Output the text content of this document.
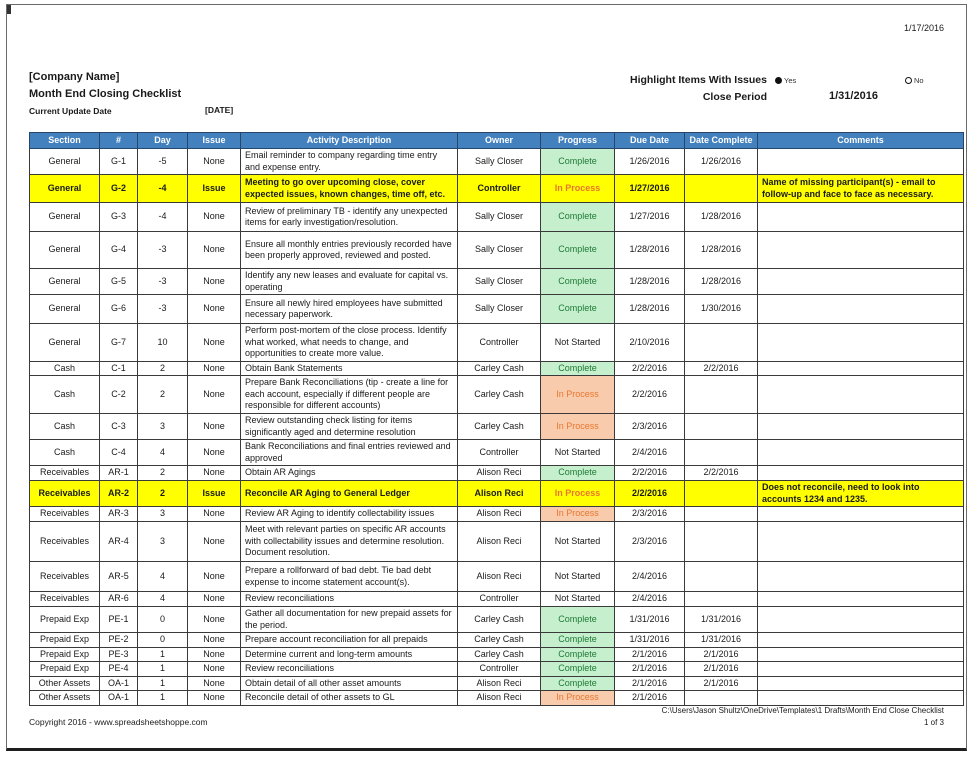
1/17/2016
[Company Name]
Month End Closing Checklist
Current Update Date	[DATE]
Highlight Items With Issues Yes	No
Close Period	1/31/2016
Section	#	Day	Issue	Activity Description	Owner	Progress	Due Date	Date Complete	Comments
General	G-1	-5	None	Email reminder to company regarding time entry and expense entry.	Sally Closer	Complete	1/26/2016	1/26/2016	
General	G-2	-4	Issue	Meeting to go over upcoming close, cover expected issues, known changes, time off, etc.	Controller	In Process	1/27/2016		Name of missing participant(s) - email to follow-up and face to face as necessary.
General	G-3	-4	None	Review of preliminary TB - identify any unexpected items for early investigation/resolution.	Sally Closer	Complete	1/27/2016	1/28/2016	
General	G-4	-3	None	Ensure all monthly entries previously recorded have been properly approved, reviewed and posted.	Sally Closer	Complete	1/28/2016	1/28/2016	
General	G-5	-3	None	Identify any new leases and evaluate for capital vs. operating	Sally Closer	Complete	1/28/2016	1/28/2016	
General	G-6	-3	None	Ensure all newly hired employees have submitted necessary paperwork.	Sally Closer	Complete	1/28/2016	1/30/2016	
General	G-7	10	None	Perform post-mortem of the close process. Identify what worked, what needs to change, and opportunities to create more value.	Controller	Not Started	2/10/2016		
Cash	C-1	2	None	Obtain Bank Statements	Carley Cash	Complete	2/2/2016	2/2/2016	
Cash	C-2	2	None	Prepare Bank Reconciliations (tip - create a line for each account, especially if different people are responsible for different accounts)	Carley Cash	In Process	2/2/2016		
Cash	C-3	3	None	Review outstanding check listing for items significantly aged and determine resolution	Carley Cash	In Process	2/3/2016		
Cash	C-4	4	None	Bank Reconciliations and final entries reviewed and approved	Controller	Not Started	2/4/2016		
Receivables	AR-1	2	None	Obtain AR Agings	Alison Reci	Complete	2/2/2016	2/2/2016	
Receivables	AR-2	2	Issue	Reconcile AR Aging to General Ledger	Alison Reci	In Process	2/2/2016		Does not reconcile, need to look into accounts 1234 and 1235.
Receivables	AR-3	3	None	Review AR Aging to identify collectability issues	Alison Reci	In Process	2/3/2016		
Receivables	AR-4	3	None	Meet with relevant parties on specific AR accounts with collectability issues and determine resolution. Document resolution.	Alison Reci	Not Started	2/3/2016		
Receivables	AR-5	4	None	Prepare a rollforward of bad debt. Tie bad debt expense to income statement account(s).	Alison Reci	Not Started	2/4/2016		
Receivables	AR-6	4	None	Review reconciliations	Controller	Not Started	2/4/2016		
Prepaid Exp	PE-1	0	None	Gather all documentation for new prepaid assets for the period.	Carley Cash	Complete	1/31/2016	1/31/2016	
Prepaid Exp	PE-2	0	None	Prepare account reconciliation for all prepaids	Carley Cash	Complete	1/31/2016	1/31/2016	
Prepaid Exp	PE-3	1	None	Determine current and long-term amounts	Carley Cash	Complete	2/1/2016	2/1/2016	
Prepaid Exp	PE-4	1	None	Review reconciliations	Controller	Complete	2/1/2016	2/1/2016	
Other Assets	OA-1	1	None	Obtain detail of all other asset amounts	Alison Reci	Complete	2/1/2016	2/1/2016	
Other Assets	OA-1	1	None	Reconcile detail of other assets to GL	Alison Reci	In Process	2/1/2016		
Copyright 2016 - www.spreadsheetshoppe.com
C:\Users\Jason Shultz\OneDrive\Templates\1 Drafts\Month End Close Checklist
1 of 3
